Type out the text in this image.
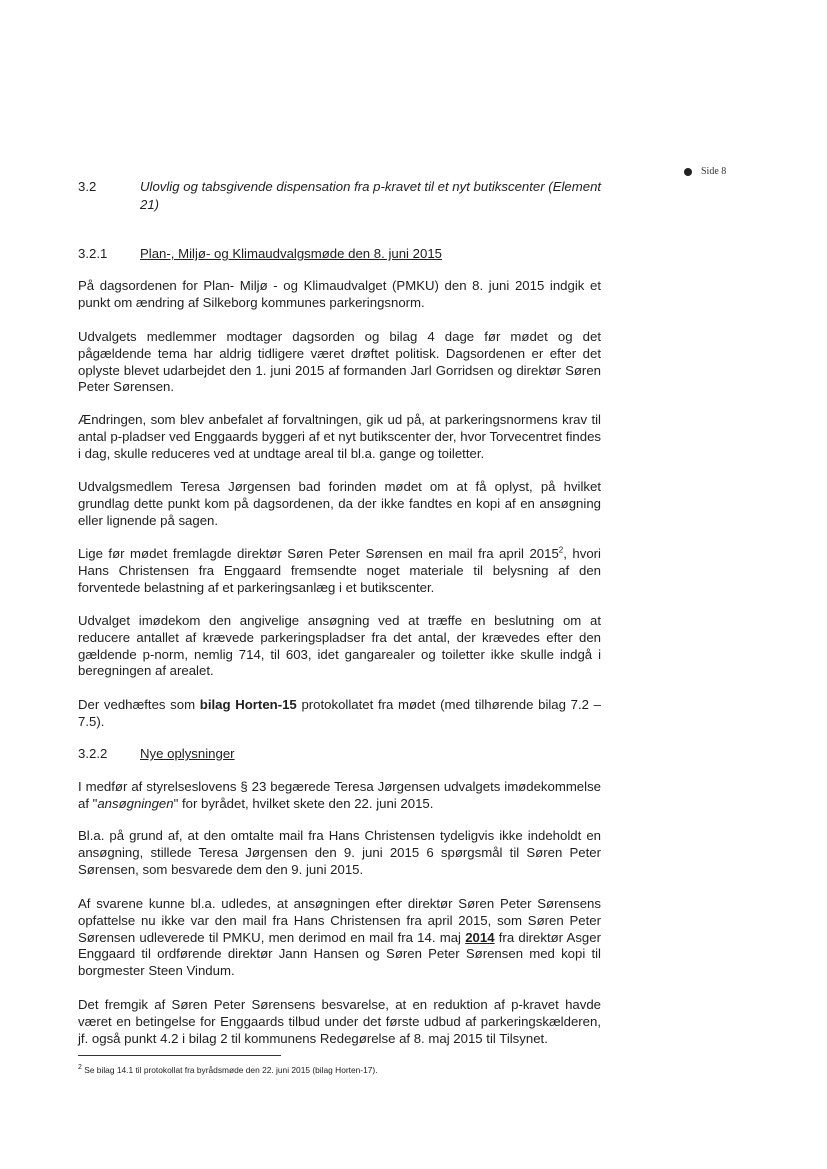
Side 8
3.2	Ulovlig og tabsgivende dispensation fra p-kravet til et nyt butikscenter (Element 21)
3.2.1	Plan-, Miljø- og Klimaudvalgsmøde den 8. juni 2015

På dagsordenen for Plan- Miljø - og Klimaudvalget (PMKU) den 8. juni 2015 indgik et punkt om ændring af Silkeborg kommunes parkeringsnorm.

Udvalgets medlemmer modtager dagsorden og bilag 4 dage før mødet og det pågældende tema har aldrig tidligere været drøftet politisk. Dagsordenen er efter det oplyste blevet udarbejdet den 1. juni 2015 af formanden Jarl Gorridsen og direktør Søren Peter Sørensen.

Ændringen, som blev anbefalet af forvaltningen, gik ud på, at parkeringsnormens krav til antal p-pladser ved Enggaards byggeri af et nyt butikscenter der, hvor Torvecentret findes i dag, skulle reduceres ved at undtage areal til bl.a. gange og toiletter.

Udvalgsmedlem Teresa Jørgensen bad forinden mødet om at få oplyst, på hvilket grundlag dette punkt kom på dagsordenen, da der ikke fandtes en kopi af en ansøgning eller lignende på sagen.

Lige før mødet fremlagde direktør Søren Peter Sørensen en mail fra april 2015$^2$, hvori Hans Christensen fra Enggaard fremsendte noget materiale til belysning af den forventede belastning af et parkeringsanlæg i et butikscenter.

Udvalget imødekom den angivelige ansøgning ved at træffe en beslutning om at reducere antallet af krævede parkeringspladser fra det antal, der krævedes efter den gældende p-norm, nemlig 714, til 603, idet gangarealer og toiletter ikke skulle indgå i beregningen af arealet.

Der vedhæftes som bilag Horten-15 protokollatet fra mødet (med tilhørende bilag 7.2 – 7.5).

3.2.2	Nye oplysninger

I medfør af styrelseslovens § 23 begærede Teresa Jørgensen udvalgets imødekommelse af "ansøgningen" for byrådet, hvilket skete den 22. juni 2015.

Bl.a. på grund af, at den omtalte mail fra Hans Christensen tydeligvis ikke indeholdt en ansøgning, stillede Teresa Jørgensen den 9. juni 2015 6 spørgsmål til Søren Peter Sørensen, som besvarede dem den 9. juni 2015.

Af svarene kunne bl.a. udledes, at ansøgningen efter direktør Søren Peter Sørensens opfattelse nu ikke var den mail fra Hans Christensen fra april 2015, som Søren Peter Sørensen udleverede til PMKU, men derimod en mail fra 14. maj 2014 fra direktør Asger Enggaard til ordførende direktør Jann Hansen og Søren Peter Sørensen med kopi til borgmester Steen Vindum.

Det fremgik af Søren Peter Sørensens besvarelse, at en reduktion af p-kravet havde været en betingelse for Enggaards tilbud under det første udbud af parkeringskælderen, jf. også punkt 4.2 i bilag 2 til kommunens Redegørelse af 8. maj 2015 til Tilsynet.

$^2$ Se bilag 14.1 til protokollat fra byrådsmøde den 22. juni 2015 (bilag Horten-17).
